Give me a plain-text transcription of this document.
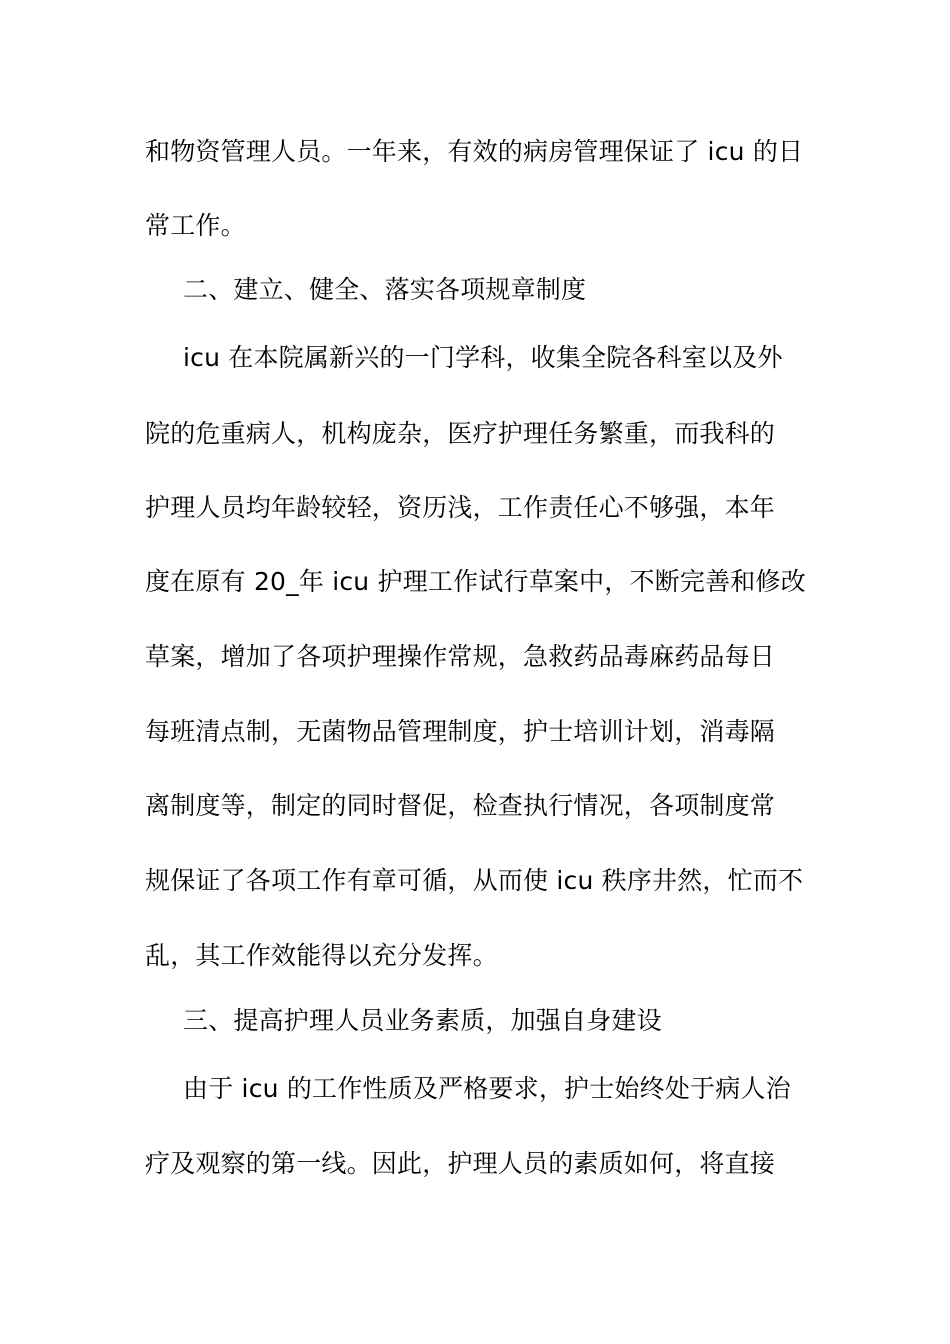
和物资管理人员。一年来，有效的病房管理保证了 icu 的日
常工作。
二、建立、健全、落实各项规章制度
icu 在本院属新兴的一门学科，收集全院各科室以及外
院的危重病人，机构庞杂，医疗护理任务繁重，而我科的
护理人员均年龄较轻，资历浅，工作责任心不够强，本年
度在原有 20_年 icu 护理工作试行草案中，不断完善和修改
草案，增加了各项护理操作常规，急救药品毒麻药品每日
每班清点制，无菌物品管理制度，护士培训计划，消毒隔
离制度等，制定的同时督促，检查执行情况，各项制度常
规保证了各项工作有章可循，从而使 icu 秩序井然，忙而不
乱，其工作效能得以充分发挥。
三、提高护理人员业务素质，加强自身建设
由于 icu 的工作性质及严格要求，护士始终处于病人治
疗及观察的第一线。因此，护理人员的素质如何，将直接
